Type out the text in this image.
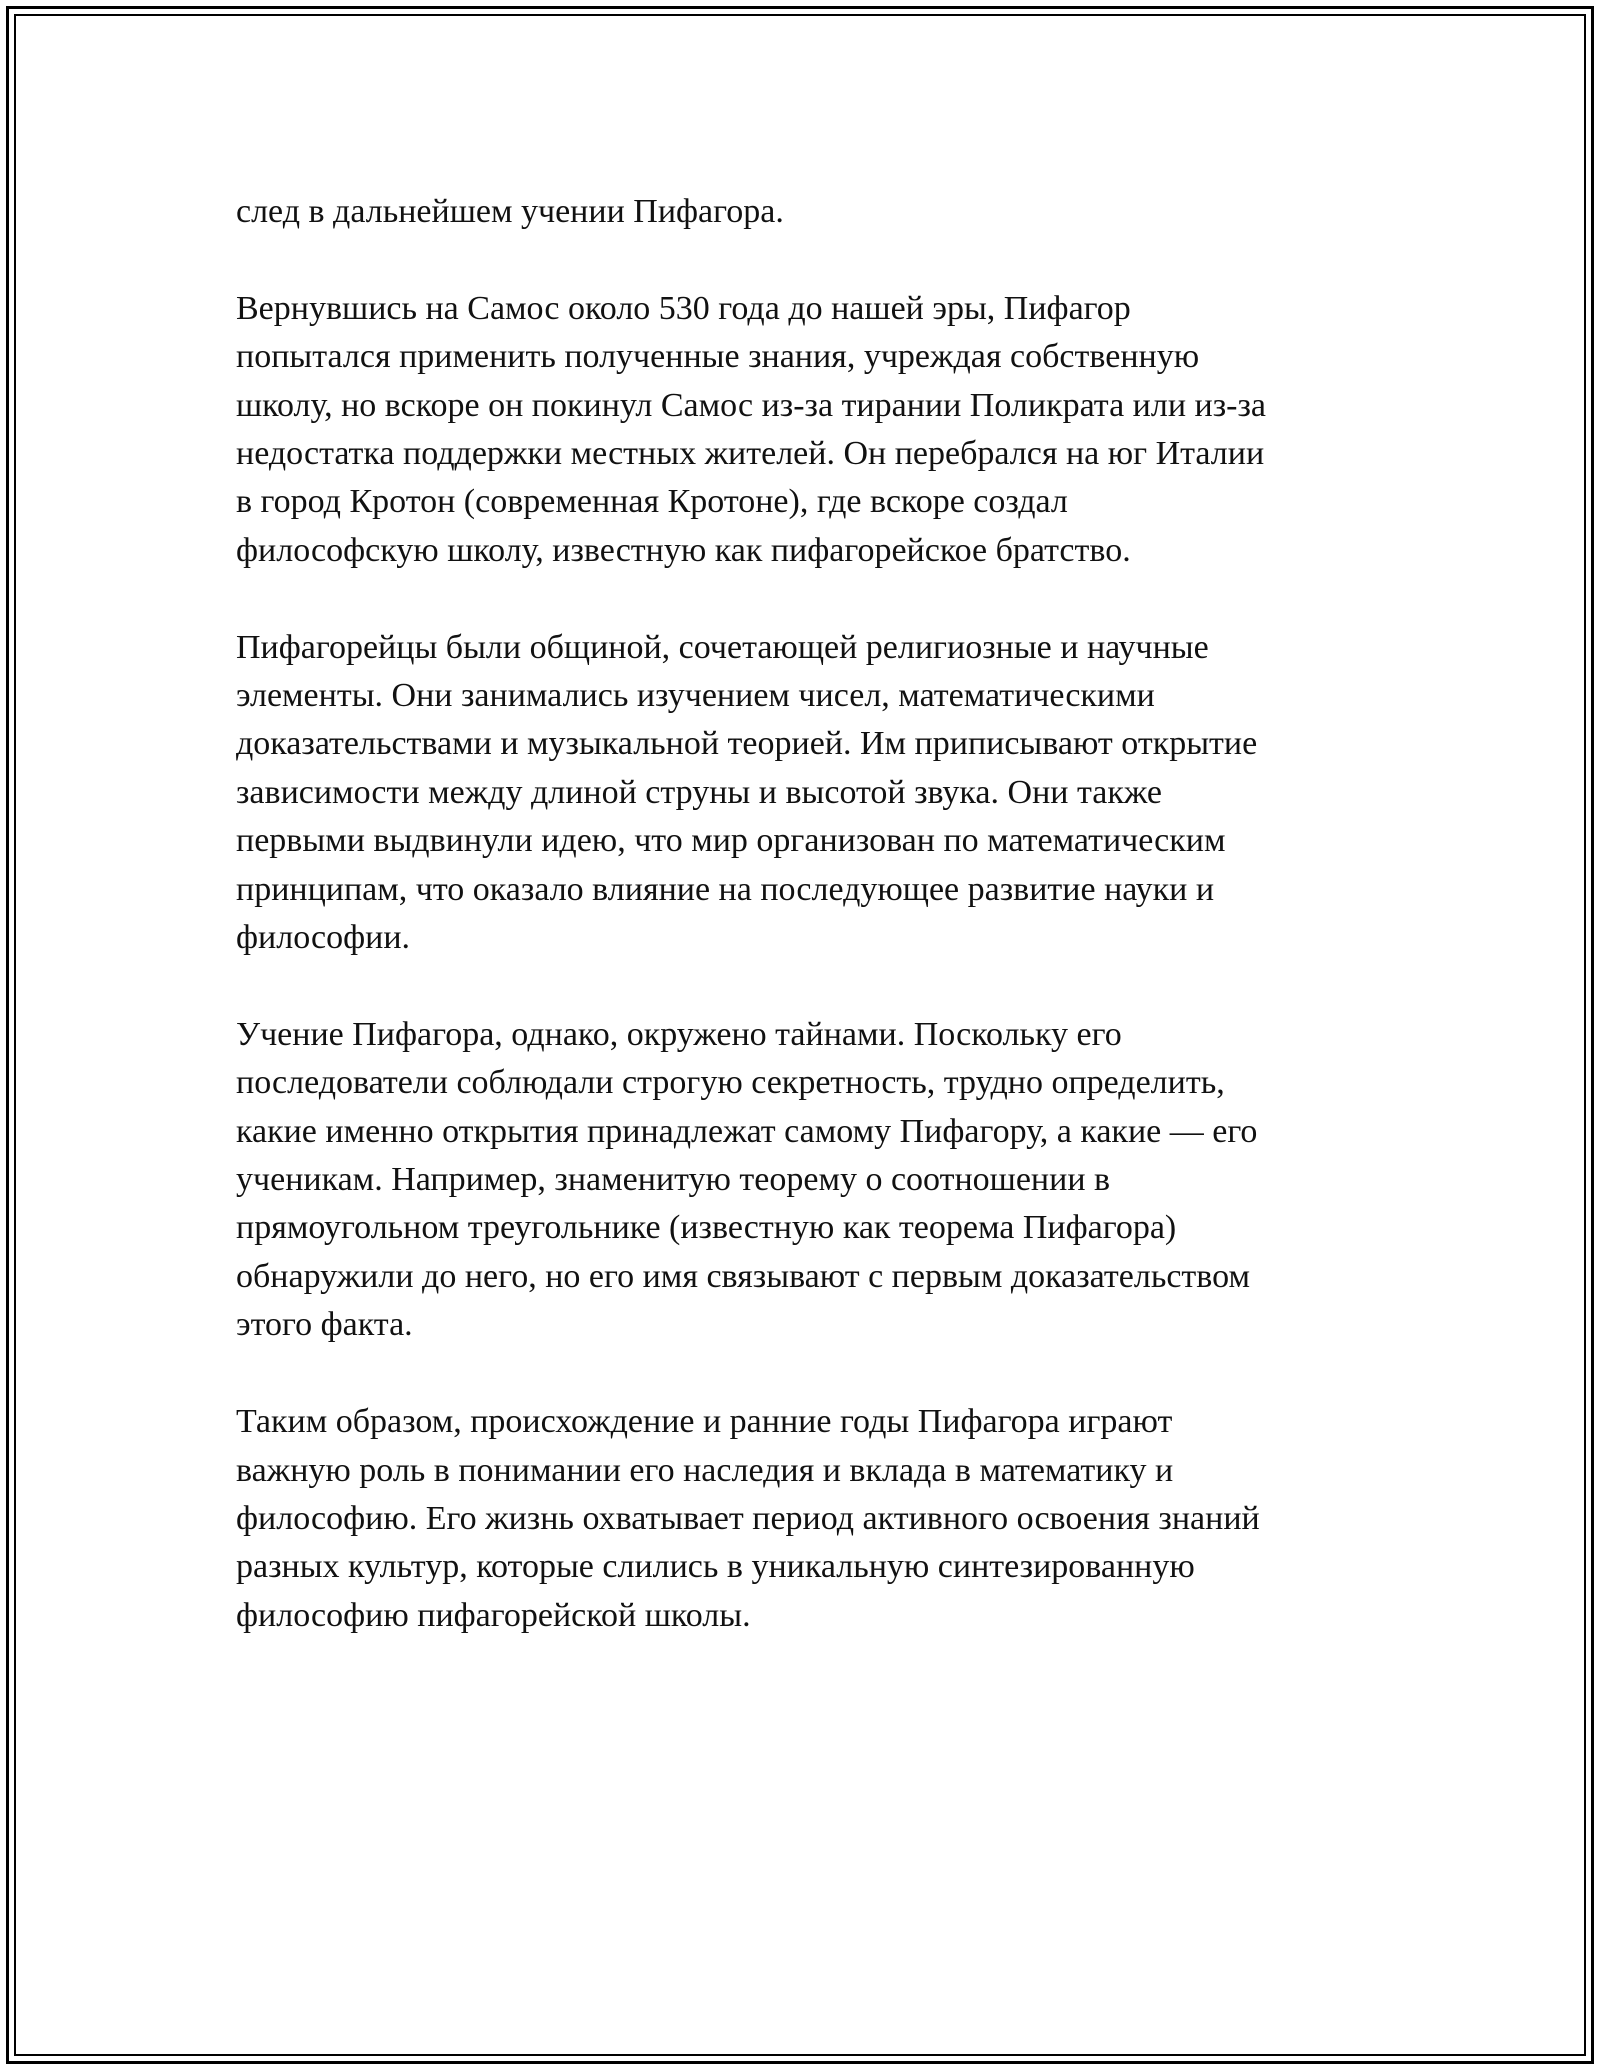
след в дальнейшем учении Пифагора.

Вернувшись на Самос около 530 года до нашей эры, Пифагор
попытался применить полученные знания, учреждая собственную
школу, но вскоре он покинул Самос из-за тирании Поликрата или из-за
недостатка поддержки местных жителей. Он перебрался на юг Италии
в город Кротон (современная Кротоне), где вскоре создал
философскую школу, известную как пифагорейское братство.

Пифагорейцы были общиной, сочетающей религиозные и научные
элементы. Они занимались изучением чисел, математическими
доказательствами и музыкальной теорией. Им приписывают открытие
зависимости между длиной струны и высотой звука. Они также
первыми выдвинули идею, что мир организован по математическим
принципам, что оказало влияние на последующее развитие науки и
философии.

Учение Пифагора, однако, окружено тайнами. Поскольку его
последователи соблюдали строгую секретность, трудно определить,
какие именно открытия принадлежат самому Пифагору, а какие — его
ученикам. Например, знаменитую теорему о соотношении в
прямоугольном треугольнике (известную как теорема Пифагора)
обнаружили до него, но его имя связывают с первым доказательством
этого факта.

Таким образом, происхождение и ранние годы Пифагора играют
важную роль в понимании его наследия и вклада в математику и
философию. Его жизнь охватывает период активного освоения знаний
разных культур, которые слились в уникальную синтезированную
философию пифагорейской школы.
